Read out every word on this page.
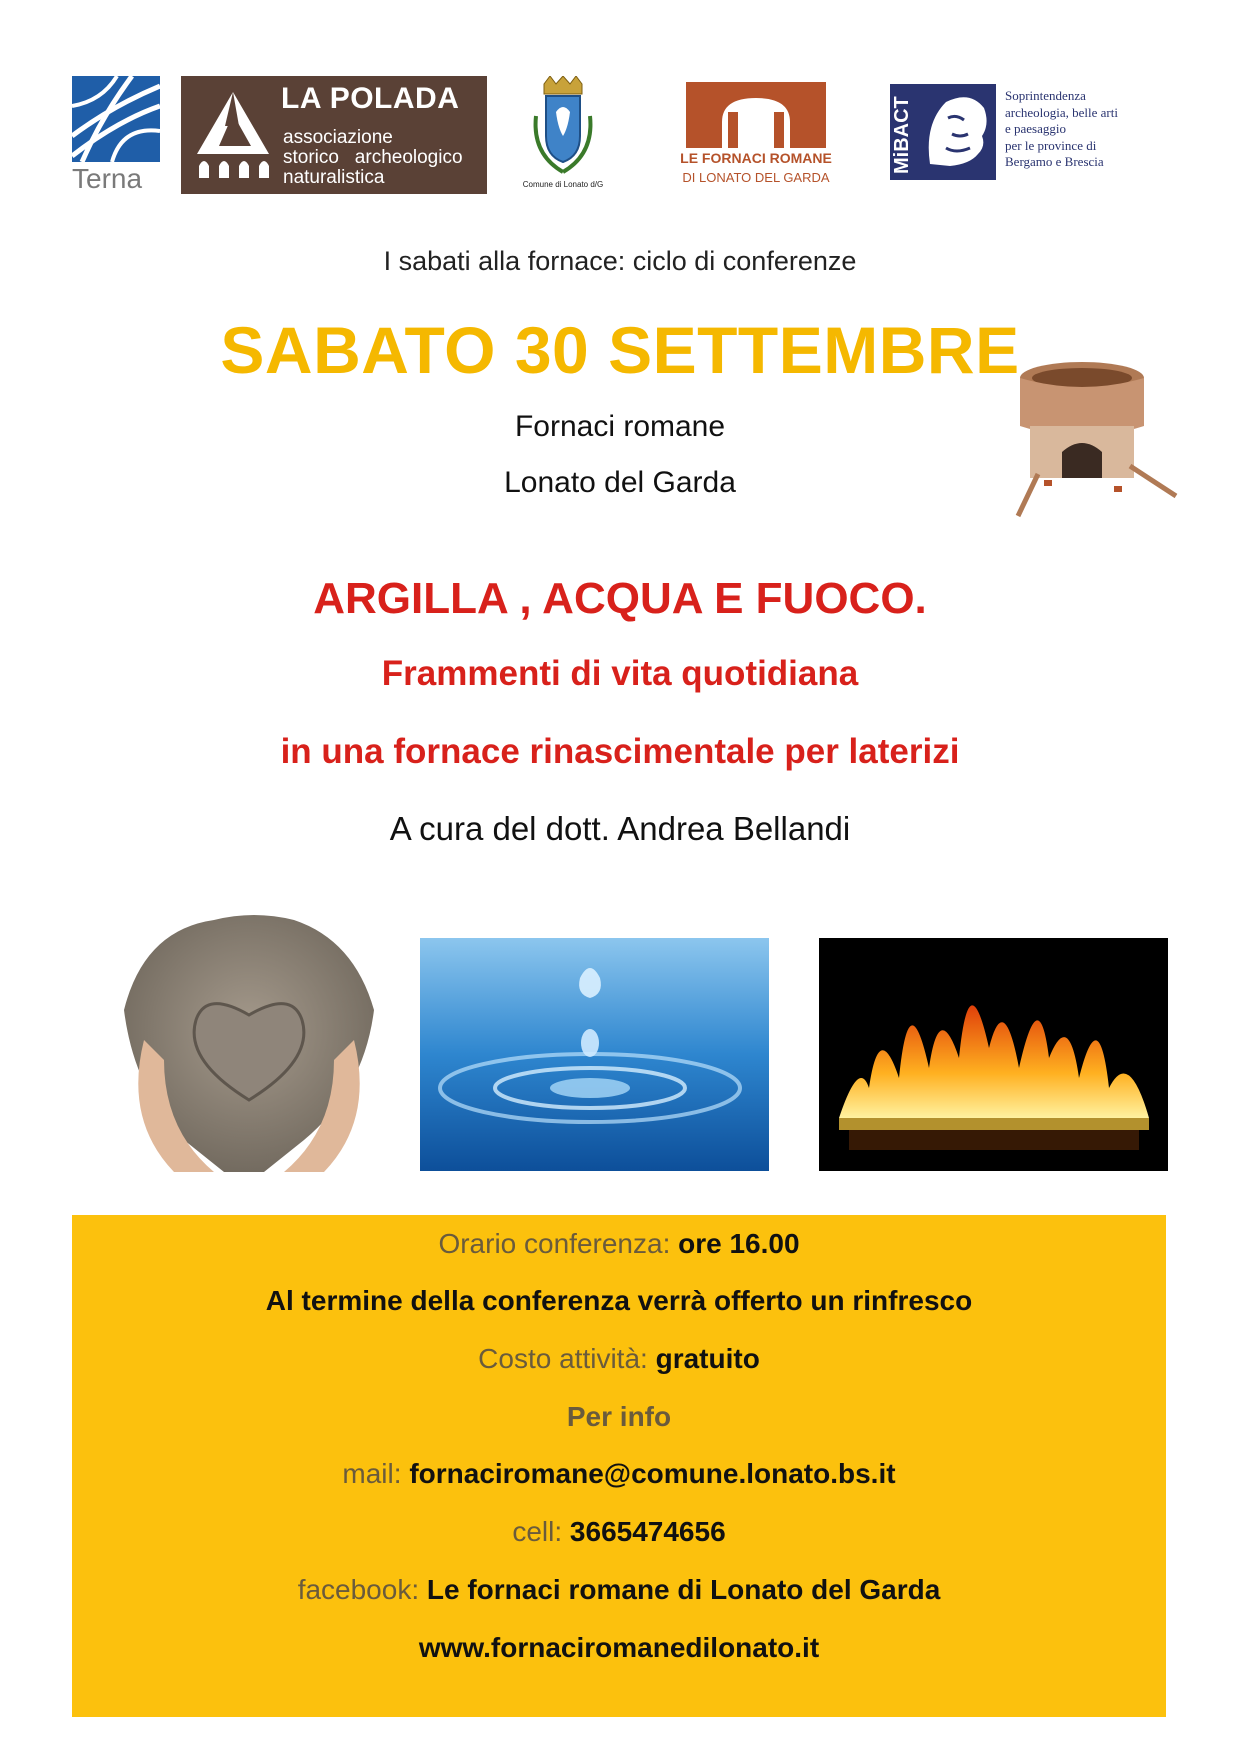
Terna
LA POLADA
associazione
storico   archeologico
naturalistica	Comune di Lonato d/G
LE FORNACI ROMANE
DI LONATO DEL GARDA
MiBACT
Soprintendenza
archeologia, belle arti
e paesaggio
per le province di
Bergamo e Brescia
I sabati alla fornace: ciclo di conferenze
SABATO 30 SETTEMBRE
Fornaci romane
Lonato del Garda
ARGILLA , ACQUA E FUOCO.
Frammenti di vita quotidiana
in una fornace rinascimentale per laterizi
A cura del dott. Andrea Bellandi
Orario conferenza: ore 16.00
Al termine della conferenza verrà offerto un rinfresco
Costo attività: gratuito
Per info
mail: fornaciromane@comune.lonato.bs.it
cell: 3665474656
facebook: Le fornaci romane di Lonato del Garda
www.fornaciromanedilonato.it
